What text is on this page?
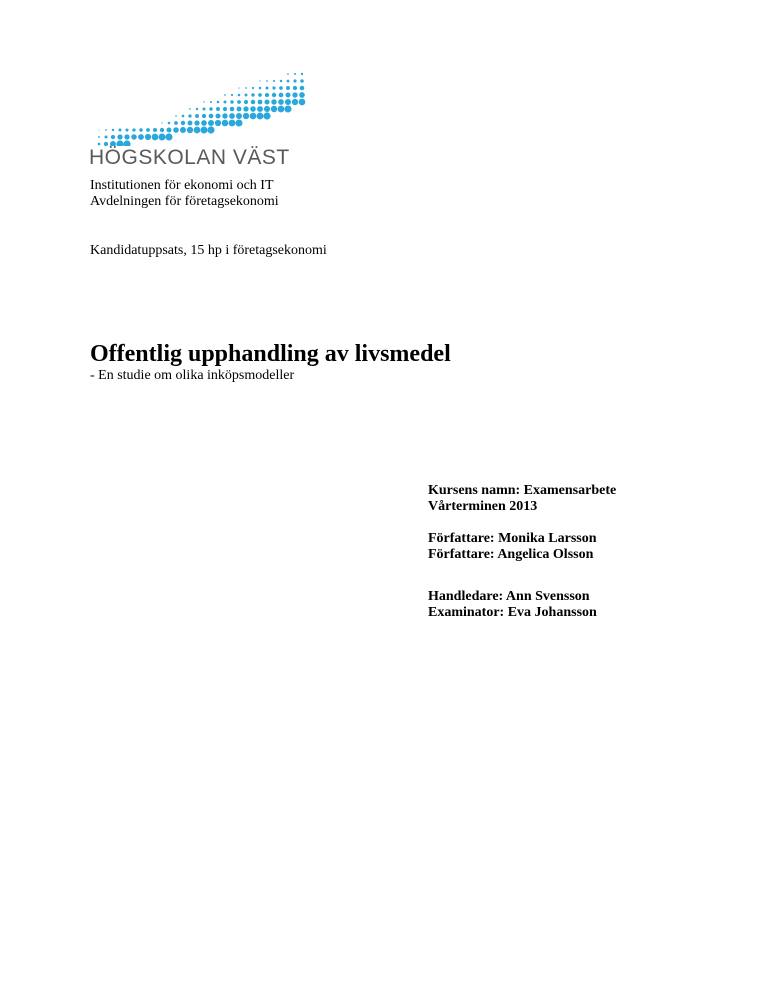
HÖGSKOLAN VÄST
Institutionen för ekonomi och IT
Avdelningen för företagsekonomi
Kandidatuppsats, 15 hp i företagsekonomi
Offentlig upphandling av livsmedel
- En studie om olika inköpsmodeller
Kursens namn: Examensarbete
Vårterminen 2013
Författare: Monika Larsson
Författare: Angelica Olsson
Handledare: Ann Svensson
Examinator: Eva Johansson
